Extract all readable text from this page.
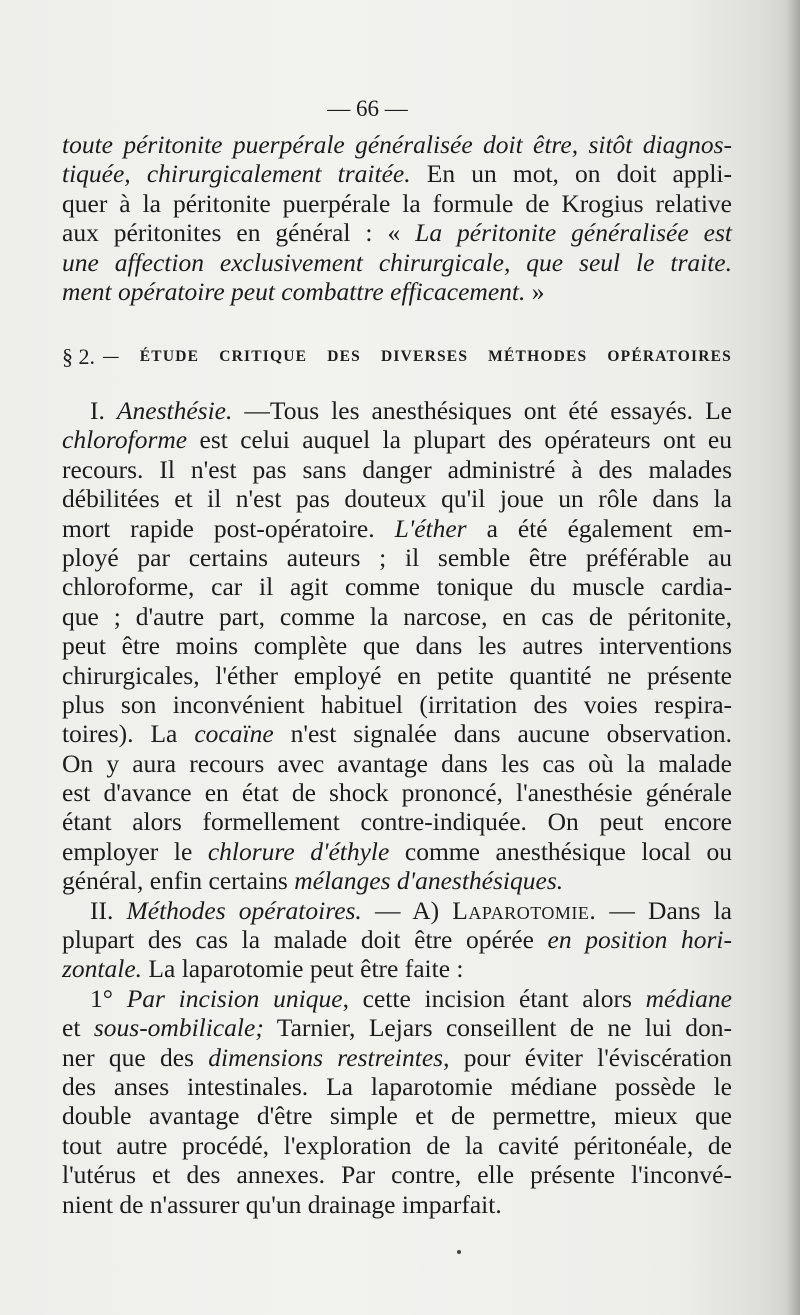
— 66 —
toute péritonite puerpérale généralisée doit être, sitôt diagnos-
tiquée, chirurgicalement traitée. En un mot, on doit appli-
quer à la péritonite puerpérale la formule de Krogius relative
aux péritonites en général : « La péritonite généralisée est
une affection exclusivement chirurgicale, que seul le traite.
ment opératoire peut combattre efficacement. »
§ 2. — ÉTUDE CRITIQUE DES DIVERSES MÉTHODES OPÉRATOIRES
I. Anesthésie. —Tous les anesthésiques ont été essayés. Le
chloroforme est celui auquel la plupart des opérateurs ont eu
recours. Il n'est pas sans danger administré à des malades
débilitées et il n'est pas douteux qu'il joue un rôle dans la
mort rapide post-opératoire. L'éther a été également em-
ployé par certains auteurs ; il semble être préférable au
chloroforme, car il agit comme tonique du muscle cardia-
que ; d'autre part, comme la narcose, en cas de péritonite,
peut être moins complète que dans les autres interventions
chirurgicales, l'éther employé en petite quantité ne présente
plus son inconvénient habituel (irritation des voies respira-
toires). La cocaïne n'est signalée dans aucune observation.
On y aura recours avec avantage dans les cas où la malade
est d'avance en état de shock prononcé, l'anesthésie générale
étant alors formellement contre-indiquée. On peut encore
employer le chlorure d'éthyle comme anesthésique local ou
général, enfin certains mélanges d'anesthésiques.
II. Méthodes opératoires. — A) Laparotomie. — Dans la
plupart des cas la malade doit être opérée en position hori-
zontale. La laparotomie peut être faite :
1° Par incision unique, cette incision étant alors médiane
et sous-ombilicale; Tarnier, Lejars conseillent de ne lui don-
ner que des dimensions restreintes, pour éviter l'éviscération
des anses intestinales. La laparotomie médiane possède le
double avantage d'être simple et de permettre, mieux que
tout autre procédé, l'exploration de la cavité péritonéale, de
l'utérus et des annexes. Par contre, elle présente l'inconvé-
nient de n'assurer qu'un drainage imparfait.
